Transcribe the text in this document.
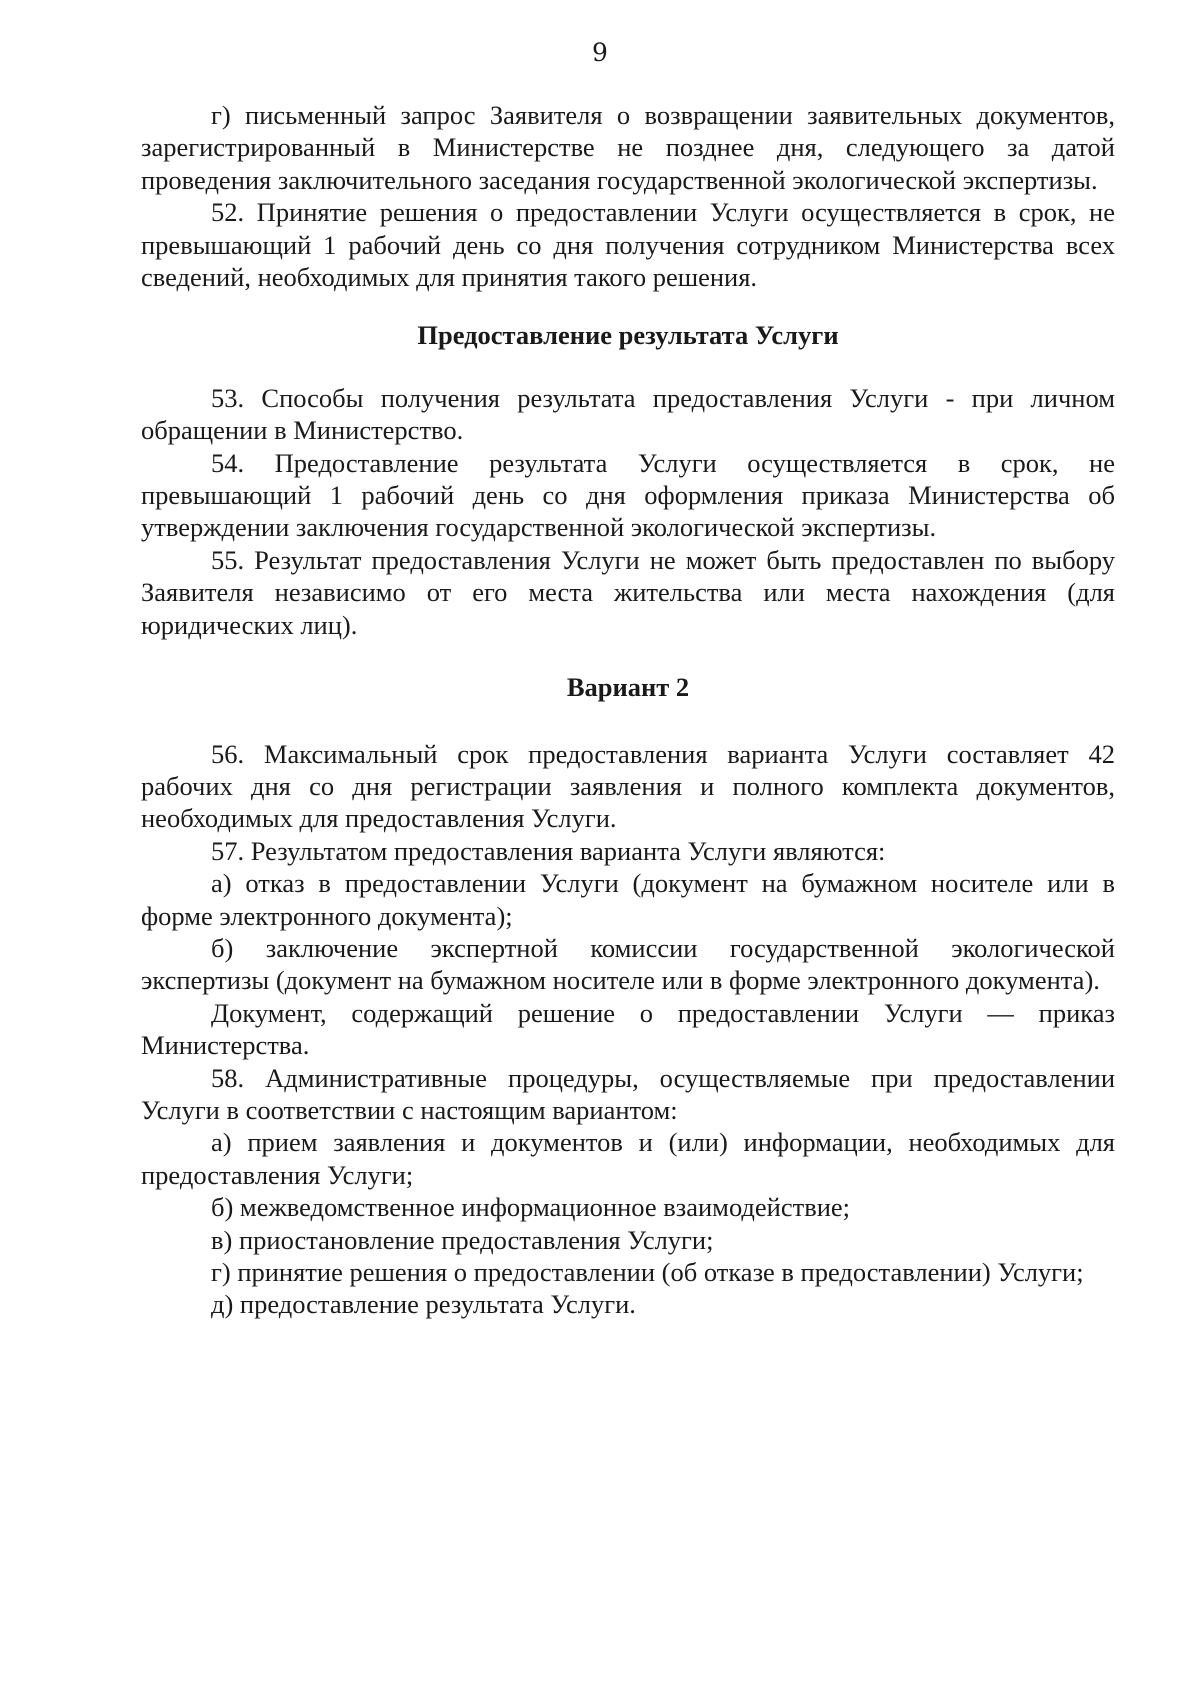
9

г) письменный запрос Заявителя о возвращении заявительных документов, зарегистрированный в Министерстве не позднее дня, следующего за датой проведения заключительного заседания государственной экологической экспертизы.

52. Принятие решения о предоставлении Услуги осуществляется в срок, не превышающий 1 рабочий день со дня получения сотрудником Министерства всех сведений, необходимых для принятия такого решения.

Предоставление результата Услуги

53. Способы получения результата предоставления Услуги - при личном обращении в Министерство.

54. Предоставление результата Услуги осуществляется в срок, не превышающий 1 рабочий день со дня оформления приказа Министерства об утверждении заключения государственной экологической экспертизы.

55. Результат предоставления Услуги не может быть предоставлен по выбору Заявителя независимо от его места жительства или места нахождения (для юридических лиц).

Вариант 2

56. Максимальный срок предоставления варианта Услуги составляет 42 рабочих дня со дня регистрации заявления и полного комплекта документов, необходимых для предоставления Услуги.

57. Результатом предоставления варианта Услуги являются:

а) отказ в предоставлении Услуги (документ на бумажном носителе или в форме электронного документа);

б) заключение экспертной комиссии государственной экологической экспертизы (документ на бумажном носителе или в форме электронного документа).

Документ, содержащий решение о предоставлении Услуги — приказ Министерства.

58. Административные процедуры, осуществляемые при предоставлении Услуги в соответствии с настоящим вариантом:

а) прием заявления и документов и (или) информации, необходимых для предоставления Услуги;

б) межведомственное информационное взаимодействие;

в) приостановление предоставления Услуги;

г) принятие решения о предоставлении (об отказе в предоставлении) Услуги;

д) предоставление результата Услуги.
